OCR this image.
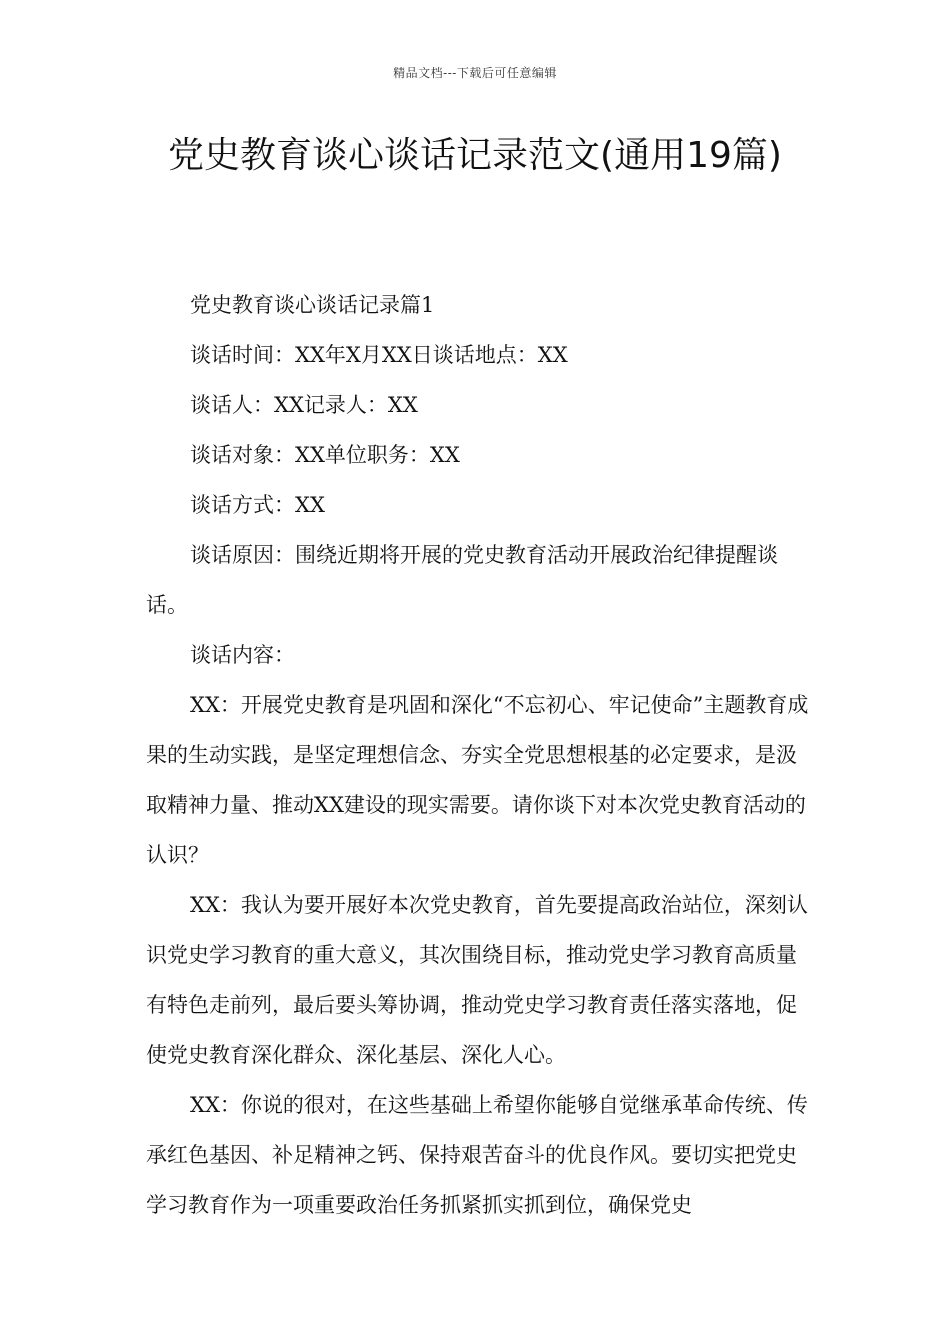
精品文档---下载后可任意编辑
党史教育谈心谈话记录范文(通用19篇)

党史教育谈心谈话记录篇1

谈话时间：XX年X月XX日谈话地点：XX

谈话人：XX记录人：XX

谈话对象：XX单位职务：XX

谈话方式：XX

谈话原因：围绕近期将开展的党史教育活动开展政治纪律提醒谈话。

谈话内容：

XX：开展党史教育是巩固和深化“不忘初心、牢记使命”主题教育成果的生动实践，是坚定理想信念、夯实全党思想根基的必定要求，是汲取精神力量、推动XX建设的现实需要。请你谈下对本次党史教育活动的认识？

XX：我认为要开展好本次党史教育，首先要提高政治站位，深刻认识党史学习教育的重大意义，其次围绕目标，推动党史学习教育高质量有特色走前列，最后要头筹协调，推动党史学习教育责任落实落地，促使党史教育深化群众、深化基层、深化人心。

XX：你说的很对，在这些基础上希望你能够自觉继承革命传统、传承红色基因、补足精神之钙、保持艰苦奋斗的优良作风。要切实把党史学习教育作为一项重要政治任务抓紧抓实抓到位，确保党史
